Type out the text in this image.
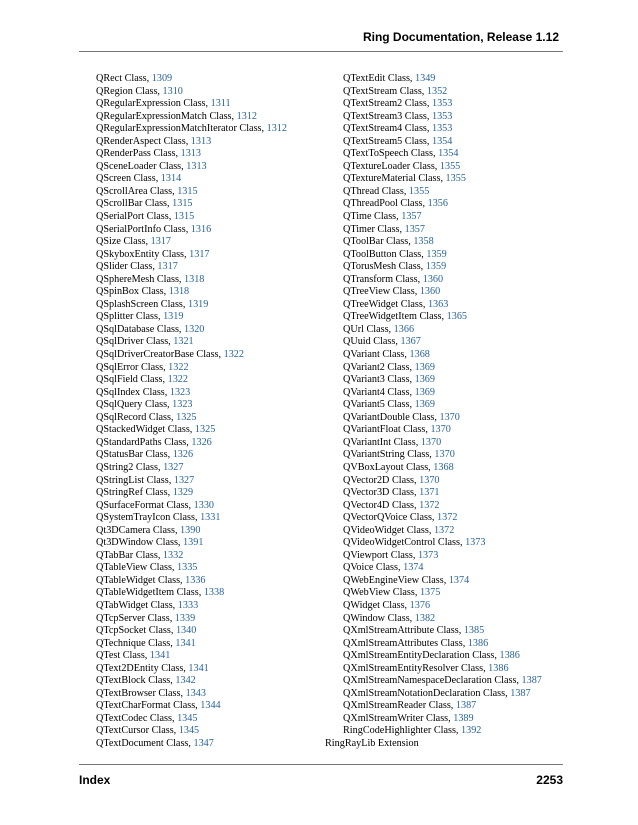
Ring Documentation, Release 1.12
QRect Class, 1309
QRegion Class, 1310
QRegularExpression Class, 1311
QRegularExpressionMatch Class, 1312
QRegularExpressionMatchIterator Class, 1312
QRenderAspect Class, 1313
QRenderPass Class, 1313
QSceneLoader Class, 1313
QScreen Class, 1314
QScrollArea Class, 1315
QScrollBar Class, 1315
QSerialPort Class, 1315
QSerialPortInfo Class, 1316
QSize Class, 1317
QSkyboxEntity Class, 1317
QSlider Class, 1317
QSphereMesh Class, 1318
QSpinBox Class, 1318
QSplashScreen Class, 1319
QSplitter Class, 1319
QSqlDatabase Class, 1320
QSqlDriver Class, 1321
QSqlDriverCreatorBase Class, 1322
QSqlError Class, 1322
QSqlField Class, 1322
QSqlIndex Class, 1323
QSqlQuery Class, 1323
QSqlRecord Class, 1325
QStackedWidget Class, 1325
QStandardPaths Class, 1326
QStatusBar Class, 1326
QString2 Class, 1327
QStringList Class, 1327
QStringRef Class, 1329
QSurfaceFormat Class, 1330
QSystemTrayIcon Class, 1331
Qt3DCamera Class, 1390
Qt3DWindow Class, 1391
QTabBar Class, 1332
QTableView Class, 1335
QTableWidget Class, 1336
QTableWidgetItem Class, 1338
QTabWidget Class, 1333
QTcpServer Class, 1339
QTcpSocket Class, 1340
QTechnique Class, 1341
QTest Class, 1341
QText2DEntity Class, 1341
QTextBlock Class, 1342
QTextBrowser Class, 1343
QTextCharFormat Class, 1344
QTextCodec Class, 1345
QTextCursor Class, 1345
QTextDocument Class, 1347
QTextEdit Class, 1349
QTextStream Class, 1352
QTextStream2 Class, 1353
QTextStream3 Class, 1353
QTextStream4 Class, 1353
QTextStream5 Class, 1354
QTextToSpeech Class, 1354
QTextureLoader Class, 1355
QTextureMaterial Class, 1355
QThread Class, 1355
QThreadPool Class, 1356
QTime Class, 1357
QTimer Class, 1357
QToolBar Class, 1358
QToolButton Class, 1359
QTorusMesh Class, 1359
QTransform Class, 1360
QTreeView Class, 1360
QTreeWidget Class, 1363
QTreeWidgetItem Class, 1365
QUrl Class, 1366
QUuid Class, 1367
QVariant Class, 1368
QVariant2 Class, 1369
QVariant3 Class, 1369
QVariant4 Class, 1369
QVariant5 Class, 1369
QVariantDouble Class, 1370
QVariantFloat Class, 1370
QVariantInt Class, 1370
QVariantString Class, 1370
QVBoxLayout Class, 1368
QVector2D Class, 1370
QVector3D Class, 1371
QVector4D Class, 1372
QVectorQVoice Class, 1372
QVideoWidget Class, 1372
QVideoWidgetControl Class, 1373
QViewport Class, 1373
QVoice Class, 1374
QWebEngineView Class, 1374
QWebView Class, 1375
QWidget Class, 1376
QWindow Class, 1382
QXmlStreamAttribute Class, 1385
QXmlStreamAttributes Class, 1386
QXmlStreamEntityDeclaration Class, 1386
QXmlStreamEntityResolver Class, 1386
QXmlStreamNamespaceDeclaration Class, 1387
QXmlStreamNotationDeclaration Class, 1387
QXmlStreamReader Class, 1387
QXmlStreamWriter Class, 1389
RingCodeHighlighter Class, 1392
RingRayLib Extension
Index	2253
